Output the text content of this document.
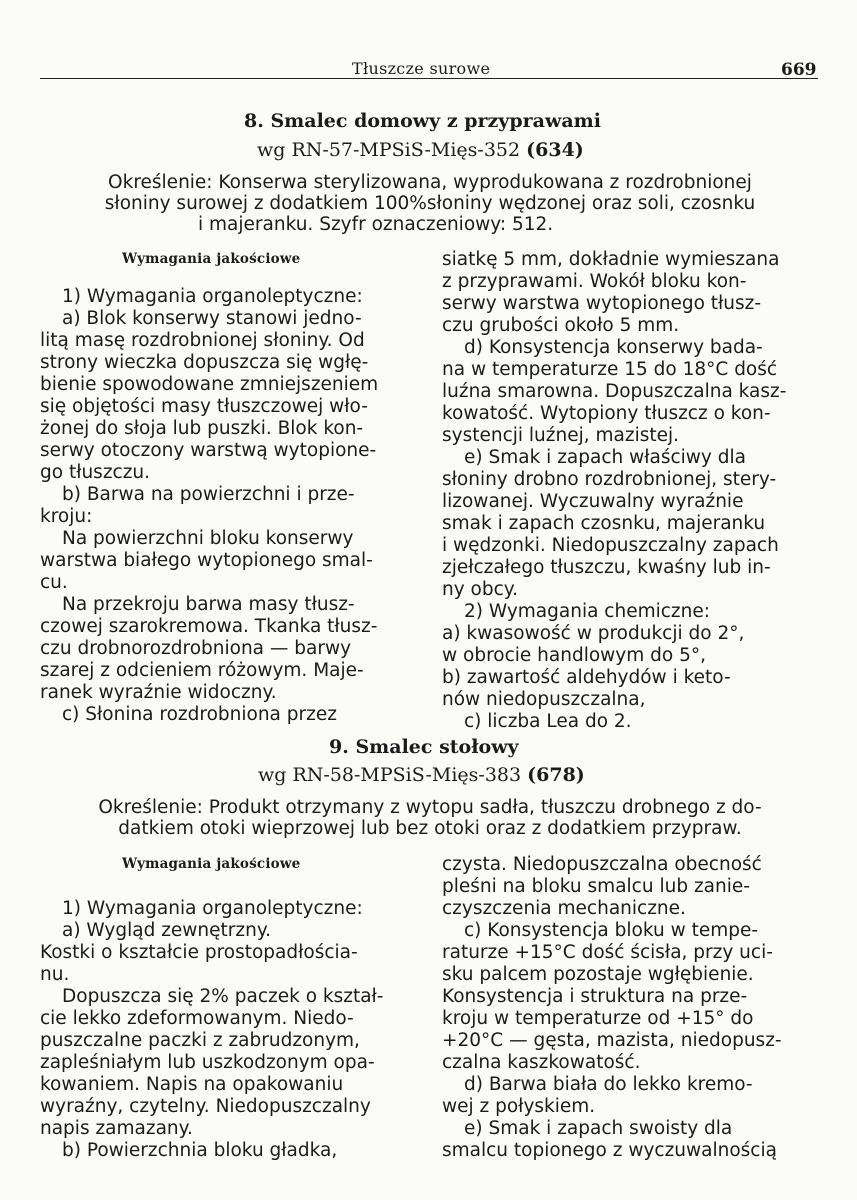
Tłuszcze surowe	669
8. Smalec domowy z przyprawami
wg RN-57-MPSiS-Mięs-352 (634)
Określenie: Konserwa sterylizowana, wyprodukowana z rozdrobnionej
słoniny surowej z dodatkiem 100%słoniny wędzonej oraz soli, czosnku
i majeranku. Szyfr oznaczeniowy: 512.
Wymagania jakościowe
1) Wymagania organoleptyczne:
a) Blok konserwy stanowi jedno-
litą masę rozdrobnionej słoniny. Od
strony wieczka dopuszcza się wgłę-
bienie spowodowane zmniejszeniem
się objętości masy tłuszczowej wło-
żonej do słoja lub puszki. Blok kon-
serwy otoczony warstwą wytopione-
go tłuszczu.
b) Barwa na powierzchni i prze-
kroju:
Na powierzchni bloku konserwy
warstwa białego wytopionego smal-
cu.
Na przekroju barwa masy tłusz-
czowej szarokremowa. Tkanka tłusz-
czu drobnorozdrobniona — barwy
szarej z odcieniem różowym. Maje-
ranek wyraźnie widoczny.
c) Słonina rozdrobniona przez
siatkę 5 mm, dokładnie wymieszana
z przyprawami. Wokół bloku kon-
serwy warstwa wytopionego tłusz-
czu grubości około 5 mm.
d) Konsystencja konserwy bada-
na w temperaturze 15 do 18°C dość
luźna smarowna. Dopuszczalna kasz-
kowatość. Wytopiony tłuszcz o kon-
systencji luźnej, mazistej.
e) Smak i zapach właściwy dla
słoniny drobno rozdrobnionej, stery-
lizowanej. Wyczuwalny wyraźnie
smak i zapach czosnku, majeranku
i wędzonki. Niedopuszczalny zapach
zjełczałego tłuszczu, kwaśny lub in-
ny obcy.
2) Wymagania chemiczne:
a) kwasowość w produkcji do 2°,
w obrocie handlowym do 5°,
b) zawartość aldehydów i keto-
nów niedopuszczalna,
c) liczba Lea do 2.
9. Smalec stołowy
wg RN-58-MPSiS-Mięs-383 (678)
Określenie: Produkt otrzymany z wytopu sadła, tłuszczu drobnego z do-
datkiem otoki wieprzowej lub bez otoki oraz z dodatkiem przypraw.
Wymagania jakościowe
1) Wymagania organoleptyczne:
a) Wygląd zewnętrzny.
Kostki o kształcie prostopadłościa-
nu.
Dopuszcza się 2% paczek o kształ-
cie lekko zdeformowanym. Niedo-
puszczalne paczki z zabrudzonym,
zapleśniałym lub uszkodzonym opa-
kowaniem. Napis na opakowaniu
wyraźny, czytelny. Niedopuszczalny
napis zamazany.
b) Powierzchnia bloku gładka,
czysta. Niedopuszczalna obecność
pleśni na bloku smalcu lub zanie-
czyszczenia mechaniczne.
c) Konsystencja bloku w tempe-
raturze +15°C dość ścisła, przy uci-
sku palcem pozostaje wgłębienie.
Konsystencja i struktura na prze-
kroju w temperaturze od +15° do
+20°C — gęsta, mazista, niedopusz-
czalna kaszkowatość.
d) Barwa biała do lekko kremo-
wej z połyskiem.
e) Smak i zapach swoisty dla
smalcu topionego z wyczuwalnością
